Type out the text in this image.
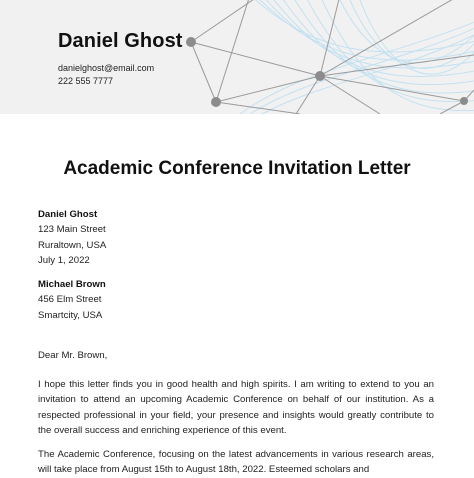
Daniel Ghost
danielghost@email.com
222 555 7777
Academic Conference Invitation Letter
Daniel Ghost
123 Main Street
Ruraltown, USA
July 1, 2022
Michael Brown
456 Elm Street
Smartcity, USA
Dear Mr. Brown,

I hope this letter finds you in good health and high spirits. I am writing to extend to you an invitation to attend an upcoming Academic Conference on behalf of our institution. As a respected professional in your field, your presence and insights would greatly contribute to the overall success and enriching experience of this event.

The Academic Conference, focusing on the latest advancements in various research areas, will take place from August 15th to August 18th, 2022. Esteemed scholars and
